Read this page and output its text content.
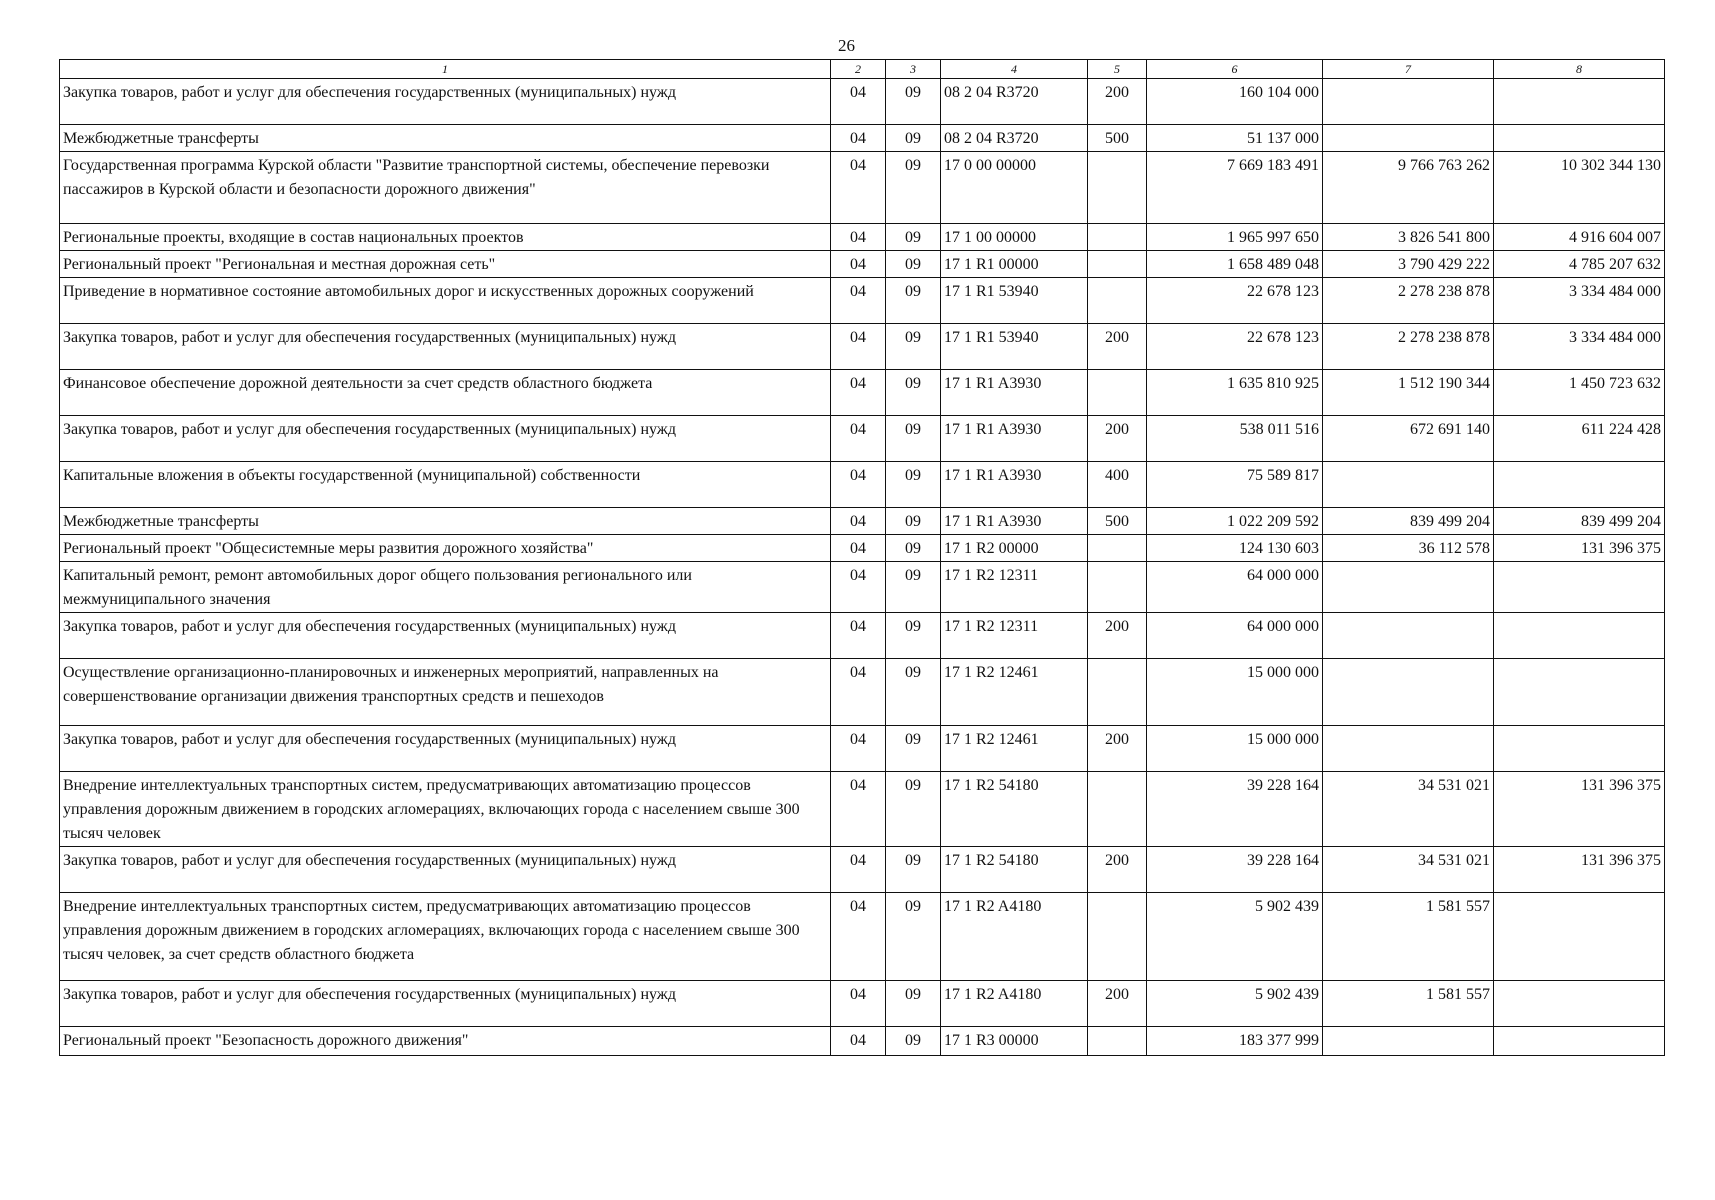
26
1	2	3	4	5	6	7	8
Закупка товаров, работ и услуг для обеспечения государственных (муниципальных) нужд	04	09	08 2 04 R3720	200	160 104 000		
Межбюджетные трансферты	04	09	08 2 04 R3720	500	51 137 000		
Государственная программа Курской области "Развитие транспортной системы, обеспечение перевозки пассажиров в Курской области и безопасности дорожного движения"	04	09	17 0 00 00000		7 669 183 491	9 766 763 262	10 302 344 130
Региональные проекты, входящие в состав национальных проектов	04	09	17 1 00 00000		1 965 997 650	3 826 541 800	4 916 604 007
Региональный проект "Региональная и местная дорожная сеть"	04	09	17 1 R1 00000		1 658 489 048	3 790 429 222	4 785 207 632
Приведение в нормативное состояние автомобильных дорог и искусственных дорожных сооружений	04	09	17 1 R1 53940		22 678 123	2 278 238 878	3 334 484 000
Закупка товаров, работ и услуг для обеспечения государственных (муниципальных) нужд	04	09	17 1 R1 53940	200	22 678 123	2 278 238 878	3 334 484 000
Финансовое обеспечение дорожной деятельности за счет средств областного бюджета	04	09	17 1 R1 A3930		1 635 810 925	1 512 190 344	1 450 723 632
Закупка товаров, работ и услуг для обеспечения государственных (муниципальных) нужд	04	09	17 1 R1 A3930	200	538 011 516	672 691 140	611 224 428
Капитальные вложения в объекты государственной (муниципальной) собственности	04	09	17 1 R1 A3930	400	75 589 817		
Межбюджетные трансферты	04	09	17 1 R1 A3930	500	1 022 209 592	839 499 204	839 499 204
Региональный проект "Общесистемные меры развития дорожного хозяйства"	04	09	17 1 R2 00000		124 130 603	36 112 578	131 396 375
Капитальный ремонт, ремонт автомобильных дорог общего пользования регионального или межмуниципального значения	04	09	17 1 R2 12311		64 000 000		
Закупка товаров, работ и услуг для обеспечения государственных (муниципальных) нужд	04	09	17 1 R2 12311	200	64 000 000		
Осуществление организационно-планировочных и инженерных мероприятий, направленных на совершенствование организации движения транспортных средств и пешеходов	04	09	17 1 R2 12461		15 000 000		
Закупка товаров, работ и услуг для обеспечения государственных (муниципальных) нужд	04	09	17 1 R2 12461	200	15 000 000		
Внедрение интеллектуальных транспортных систем, предусматривающих автоматизацию процессов управления дорожным движением в городских агломерациях, включающих города с населением свыше 300 тысяч человек	04	09	17 1 R2 54180		39 228 164	34 531 021	131 396 375
Закупка товаров, работ и услуг для обеспечения государственных (муниципальных) нужд	04	09	17 1 R2 54180	200	39 228 164	34 531 021	131 396 375
Внедрение интеллектуальных транспортных систем, предусматривающих автоматизацию процессов управления дорожным движением в городских агломерациях, включающих города с населением свыше 300 тысяч человек, за счет средств областного бюджета	04	09	17 1 R2 A4180		5 902 439	1 581 557	
Закупка товаров, работ и услуг для обеспечения государственных (муниципальных) нужд	04	09	17 1 R2 A4180	200	5 902 439	1 581 557	
Региональный проект "Безопасность дорожного движения"	04	09	17 1 R3 00000		183 377 999		
